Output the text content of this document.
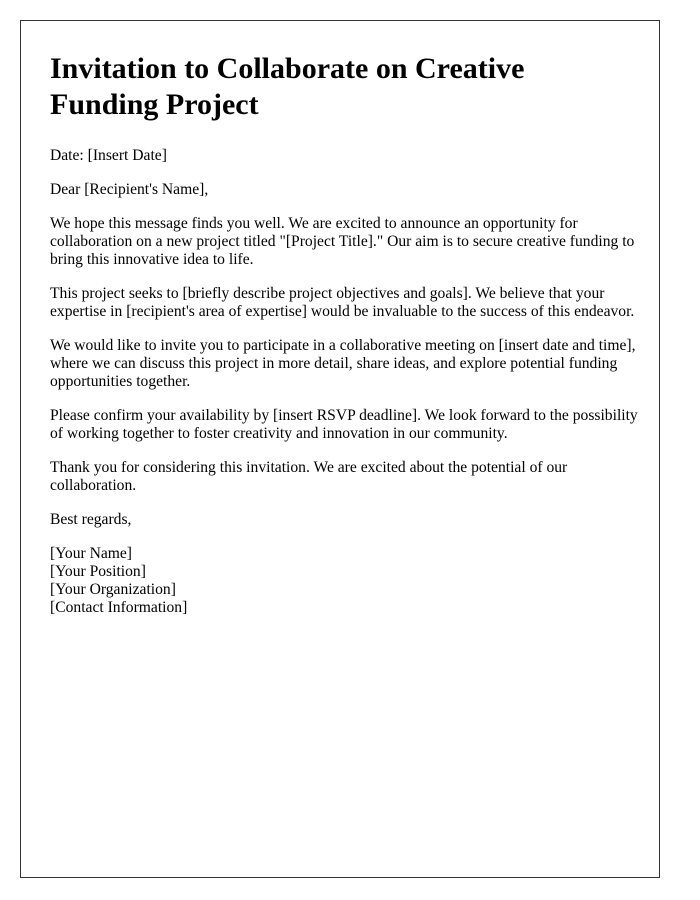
Invitation to Collaborate on Creative Funding Project

Date: [Insert Date]

Dear [Recipient's Name],

We hope this message finds you well. We are excited to announce an opportunity for collaboration on a new project titled "[Project Title]." Our aim is to secure creative funding to bring this innovative idea to life.

This project seeks to [briefly describe project objectives and goals]. We believe that your expertise in [recipient's area of expertise] would be invaluable to the success of this endeavor.

We would like to invite you to participate in a collaborative meeting on [insert date and time], where we can discuss this project in more detail, share ideas, and explore potential funding opportunities together.

Please confirm your availability by [insert RSVP deadline]. We look forward to the possibility of working together to foster creativity and innovation in our community.

Thank you for considering this invitation. We are excited about the potential of our collaboration.

Best regards,

[Your Name]
[Your Position]
[Your Organization]
[Contact Information]
